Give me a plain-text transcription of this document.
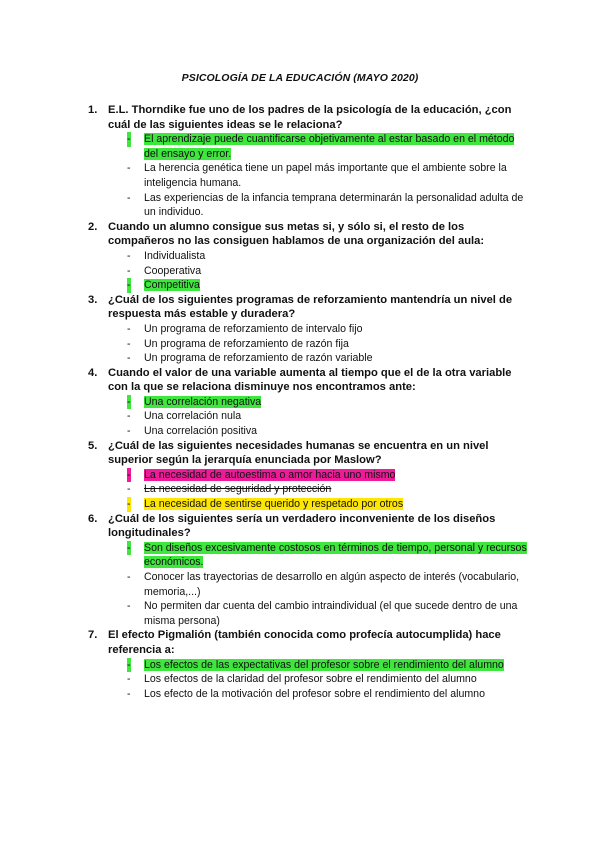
PSICOLOGÍA DE LA EDUCACIÓN (MAYO 2020)
1. E.L. Thorndike fue uno de los padres de la psicología de la educación, ¿con cuál de las siguientes ideas se le relaciona?
- El aprendizaje puede cuantificarse objetivamente al estar basado en el método del ensayo y error.
- La herencia genética tiene un papel más importante que el ambiente sobre la inteligencia humana.
- Las experiencias de la infancia temprana determinarán la personalidad adulta de un individuo.
2. Cuando un alumno consigue sus metas si, y sólo si, el resto de los compañeros no las consiguen hablamos de una organización del aula:
- Individualista
- Cooperativa
- Competitiva
3. ¿Cuál de los siguientes programas de reforzamiento mantendría un nivel de respuesta más estable y duradera?
- Un programa de reforzamiento de intervalo fijo
- Un programa de reforzamiento de razón fija
- Un programa de reforzamiento de razón variable
4. Cuando el valor de una variable aumenta al tiempo que el de la otra variable con la que se relaciona disminuye nos encontramos ante:
- Una correlación negativa
- Una correlación nula
- Una correlación positiva
5. ¿Cuál de las siguientes necesidades humanas se encuentra en un nivel superior según la jerarquía enunciada por Maslow?
- La necesidad de autoestima o amor hacia uno mismo
- La necesidad de seguridad y protección
- La necesidad de sentirse querido y respetado por otros
6. ¿Cuál de los siguientes sería un verdadero inconveniente de los diseños longitudinales?
- Son diseños excesivamente costosos en términos de tiempo, personal y recursos económicos.
- Conocer las trayectorias de desarrollo en algún aspecto de interés (vocabulario, memoria,...)
- No permiten dar cuenta del cambio intraindividual (el que sucede dentro de una misma persona)
7. El efecto Pigmalión (también conocida como profecía autocumplida) hace referencia a:
- Los efectos de las expectativas del profesor sobre el rendimiento del alumno
- Los efectos de la claridad del profesor sobre el rendimiento del alumno
- Los efecto de la motivación del profesor sobre el rendimiento del alumno
